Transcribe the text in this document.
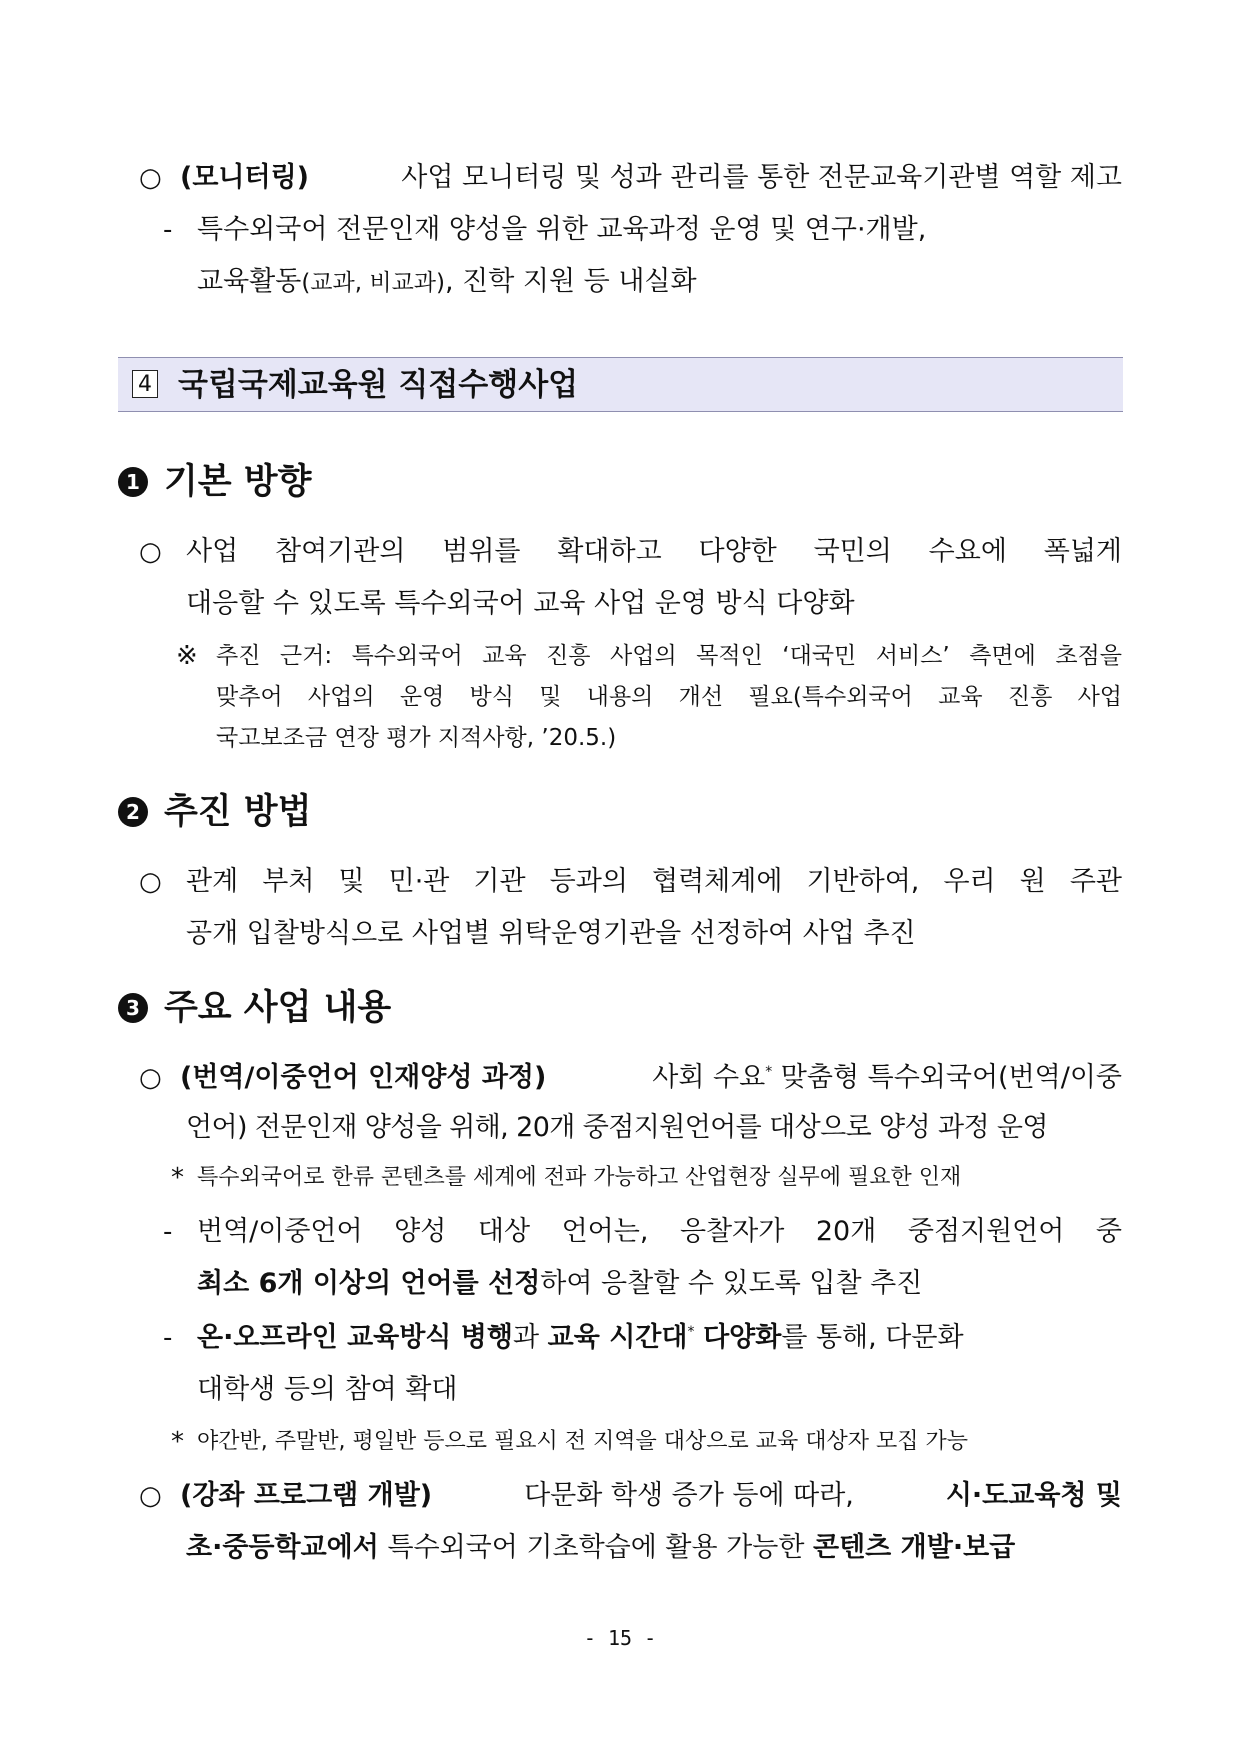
○ (모니터링)	사업 모니터링 및 성과 관리를 통한 전문교육기관별 역할 제고
- 특수외국어 전문인재 양성을 위한 교육과정 운영 및 연구·개발,
교육활동(교과, 비교과), 진학 지원 등 내실화
4 국립국제교육원 직접수행사업
1 기본 방향
○ 사업 참여기관의 범위를 확대하고 다양한 국민의 수요에 폭넓게
대응할 수 있도록 특수외국어 교육 사업 운영 방식 다양화
※ 추진 근거: 특수외국어 교육 진흥 사업의 목적인 ‘대국민 서비스’ 측면에 초점을
맞추어 사업의 운영 방식 및 내용의 개선 필요(특수외국어 교육 진흥 사업
국고보조금 연장 평가 지적사항, ’20.5.)
2 추진 방법
○ 관계 부처 및 민·관 기관 등과의 협력체계에 기반하여, 우리 원 주관
공개 입찰방식으로 사업별 위탁운영기관을 선정하여 사업 추진
3 주요 사업 내용
○ (번역/이중언어 인재양성 과정)	사회 수요* 맞춤형 특수외국어(번역/이중
언어) 전문인재 양성을 위해, 20개 중점지원언어를 대상으로 양성 과정 운영
* 특수외국어로 한류 콘텐츠를 세계에 전파 가능하고 산업현장 실무에 필요한 인재
- 번역/이중언어 양성 대상 언어는, 응찰자가 20개 중점지원언어 중
최소 6개 이상의 언어를 선정하여 응찰할 수 있도록 입찰 추진
- 온·오프라인 교육방식 병행과 교육 시간대* 다양화를 통해, 다문화
대학생 등의 참여 확대
* 야간반, 주말반, 평일반 등으로 필요시 전 지역을 대상으로 교육 대상자 모집 가능
○ (강좌 프로그램 개발)	다문화 학생 증가 등에 따라,	시·도교육청 및
초·중등학교에서 특수외국어 기초학습에 활용 가능한 콘텐츠 개발·보급
- 15 -
